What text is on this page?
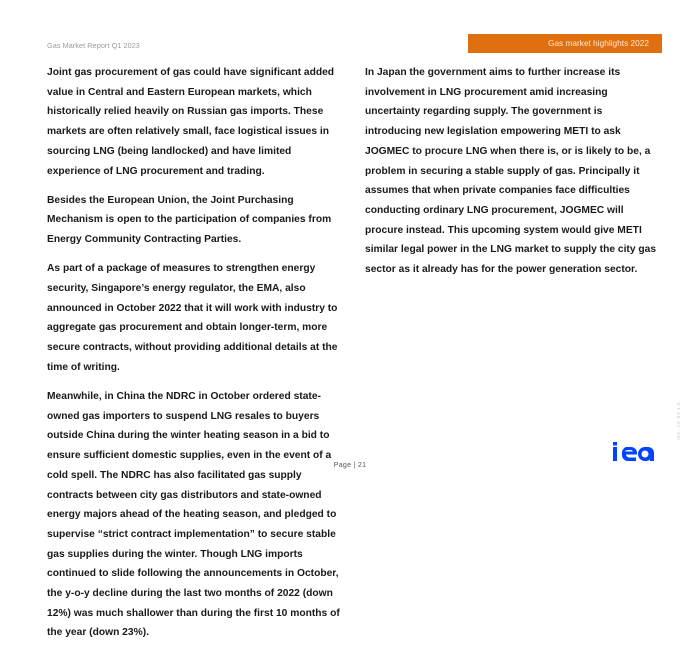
Gas Market Report Q1 2023	Gas market highlights 2022

Joint gas procurement of gas could have significant added value in Central and Eastern European markets, which historically relied heavily on Russian gas imports. These markets are often relatively small, face logistical issues in sourcing LNG (being landlocked) and have limited experience of LNG procurement and trading.

Besides the European Union, the Joint Purchasing Mechanism is open to the participation of companies from Energy Community Contracting Parties.

As part of a package of measures to strengthen energy security, Singapore’s energy regulator, the EMA, also announced in October 2022 that it will work with industry to aggregate gas procurement and obtain longer-term, more secure contracts, without providing additional details at the time of writing.

Meanwhile, in China the NDRC in October ordered state-owned gas importers to suspend LNG resales to buyers outside China during the winter heating season in a bid to ensure sufficient domestic supplies, even in the event of a cold spell. The NDRC has also facilitated gas supply contracts between city gas distributors and state-owned energy majors ahead of the heating season, and pledged to supervise “strict contract implementation” to secure stable gas supplies during the winter. Though LNG imports continued to slide following the announcements in October, the y-o-y decline during the last two months of 2022 (down 12%) was much shallower than during the first 10 months of the year (down 23%).

In Japan the government aims to further increase its involvement in LNG procurement amid increasing uncertainty regarding supply. The government is introducing new legislation empowering METI to ask JOGMEC to procure LNG when there is, or is likely to be, a problem in securing a stable supply of gas. Principally it assumes that when private companies face difficulties conducting ordinary LNG procurement, JOGMEC will procure instead. This upcoming system would give METI similar legal power in the LNG market to supply the city gas sector as it already has for the power generation sector.

Page | 21
IEA. CC BY 4.0.
